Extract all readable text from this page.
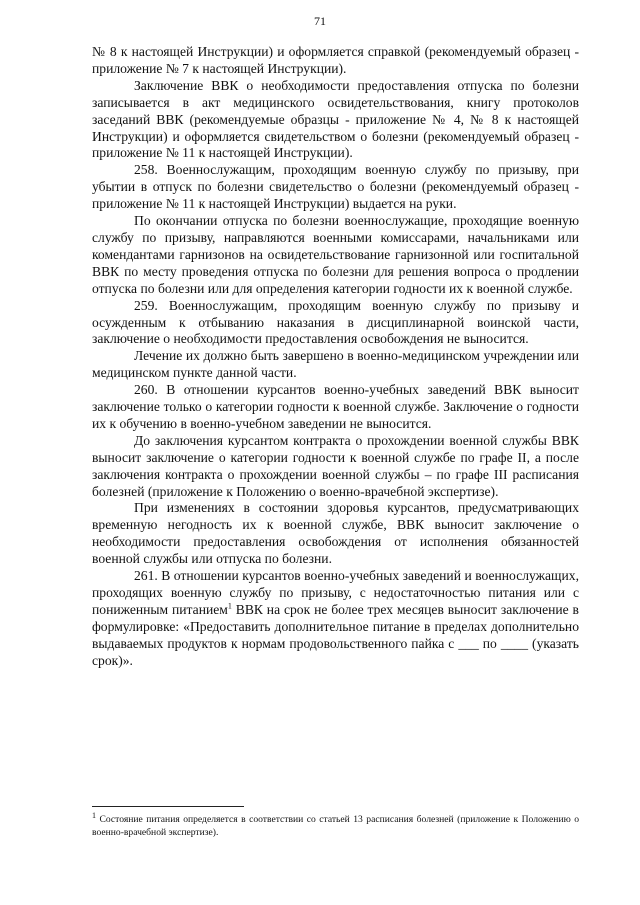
71

№ 8 к настоящей Инструкции) и оформляется справкой (рекомендуемый образец - приложение № 7 к настоящей Инструкции).

Заключение ВВК о необходимости предоставления отпуска по болезни записывается в акт медицинского освидетельствования, книгу протоколов заседаний ВВК (рекомендуемые образцы - приложение № 4, № 8 к настоящей Инструкции) и оформляется свидетельством о болезни (рекомендуемый образец - приложение № 11 к настоящей Инструкции).

258. Военнослужащим, проходящим военную службу по призыву, при убытии в отпуск по болезни свидетельство о болезни (рекомендуемый образец - приложение № 11 к настоящей Инструкции) выдается на руки.

По окончании отпуска по болезни военнослужащие, проходящие военную службу по призыву, направляются военными комиссарами, начальниками или комендантами гарнизонов на освидетельствование гарнизонной или госпитальной ВВК по месту проведения отпуска по болезни для решения вопроса о продлении отпуска по болезни или для определения категории годности их к военной службе.

259. Военнослужащим, проходящим военную службу по призыву и осужденным к отбыванию наказания в дисциплинарной воинской части, заключение о необходимости предоставления освобождения не выносится.

Лечение их должно быть завершено в военно-медицинском учреждении или медицинском пункте данной части.

260. В отношении курсантов военно-учебных заведений ВВК выносит заключение только о категории годности к военной службе. Заключение о годности их к обучению в военно-учебном заведении не выносится.

До заключения курсантом контракта о прохождении военной службы ВВК выносит заключение о категории годности к военной службе по графе II, а после заключения контракта о прохождении военной службы – по графе III расписания болезней (приложение к Положению о военно-врачебной экспертизе).

При изменениях в состоянии здоровья курсантов, предусматривающих временную негодность их к военной службе, ВВК выносит заключение о необходимости предоставления освобождения от исполнения обязанностей военной службы или отпуска по болезни.

261. В отношении курсантов военно-учебных заведений и военнослужащих, проходящих военную службу по призыву, с недостаточностью питания или с пониженным питанием$^1$ ВВК на срок не более трех месяцев выносит заключение в формулировке: «Предоставить дополнительное питание в пределах дополнительно выдаваемых продуктов к нормам продовольственного пайка с ___ по ____ (указать срок)».

$^1$ Состояние питания определяется в соответствии со статьей 13 расписания болезней (приложение к Положению о военно-врачебной экспертизе).
